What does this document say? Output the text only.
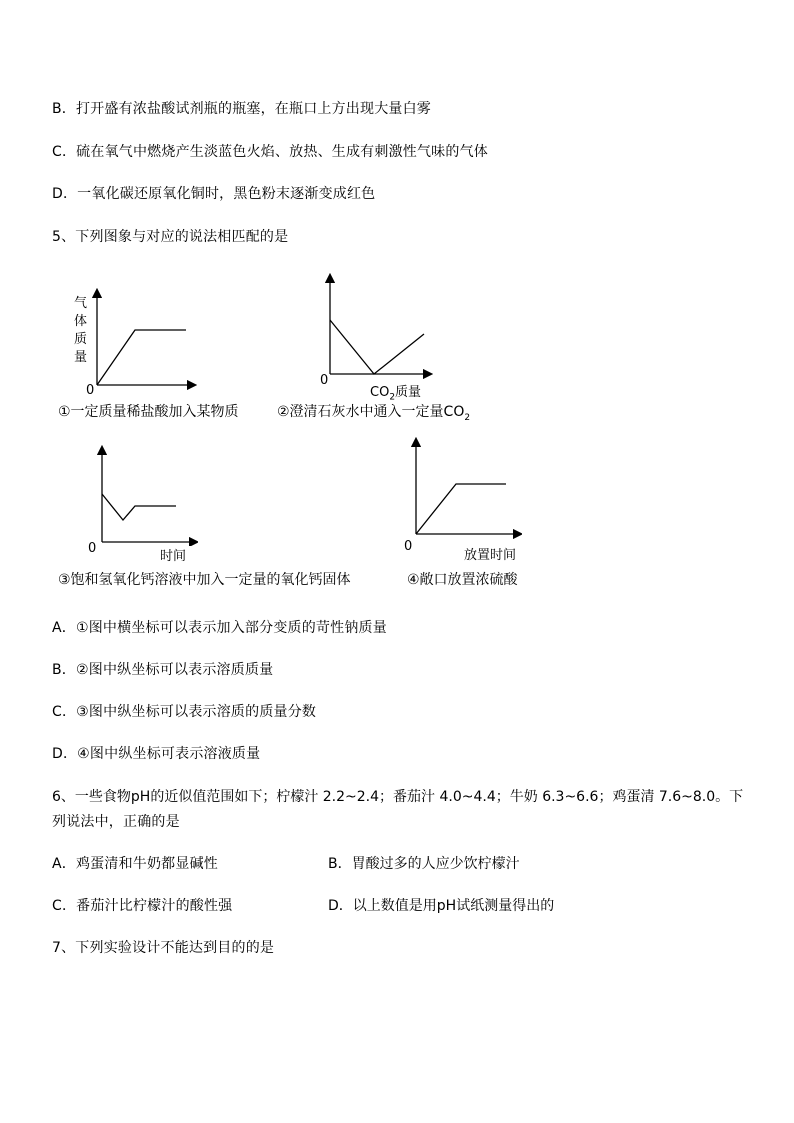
B．打开盛有浓盐酸试剂瓶的瓶塞，在瓶口上方出现大量白雾
C．硫在氧气中燃烧产生淡蓝色火焰、放热、生成有刺激性气味的气体
D．一氧化碳还原氧化铜时，黑色粉末逐渐变成红色
5、下列图象与对应的说法相匹配的是
气
体
质
量
0
①一定质量稀盐酸加入某物质
0
$CO_2$质量
②澄清石灰水中通入一定量$CO_2$
0
时间
③饱和氢氧化钙溶液中加入一定量的氧化钙固体
0
放置时间
④敞口放置浓硫酸
A．①图中横坐标可以表示加入部分变质的苛性钠质量
B．②图中纵坐标可以表示溶质质量
C．③图中纵坐标可以表示溶质的质量分数
D．④图中纵坐标可表示溶液质量
6、一些食物pH的近似值范围如下；柠檬汁 2.2~2.4；番茄汁 4.0~4.4；牛奶 6.3~6.6；鸡蛋清 7.6~8.0。下
列说法中，正确的是
A．鸡蛋清和牛奶都显碱性	B．胃酸过多的人应少饮柠檬汁
C．番茄汁比柠檬汁的酸性强	D．以上数值是用pH试纸测量得出的
7、下列实验设计不能达到目的的是
